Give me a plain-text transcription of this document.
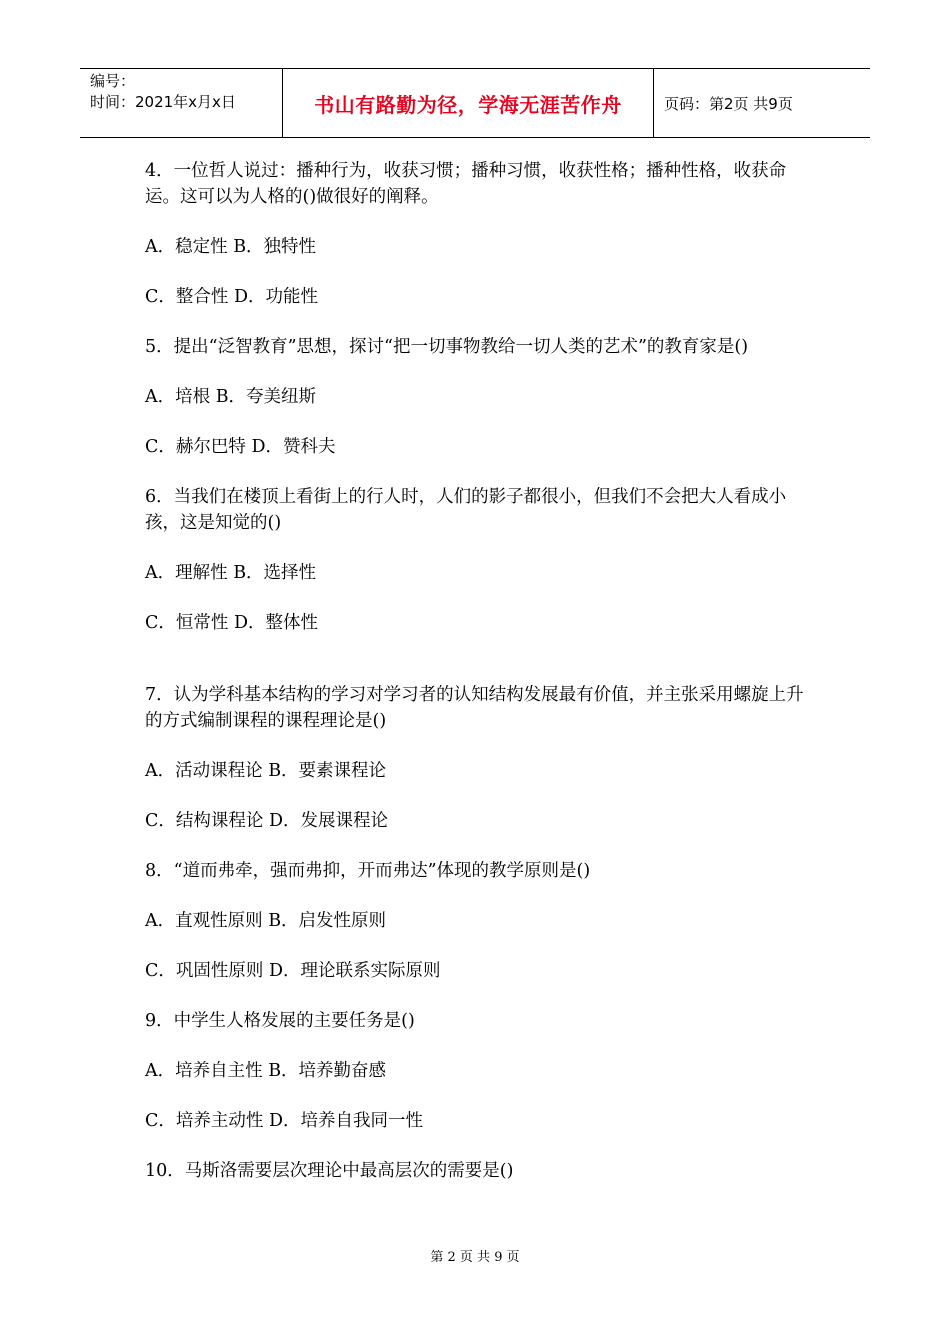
编号：
时间：2021年x月x日	书山有路勤为径，学海无涯苦作舟	页码：第2页 共9页

4．一位哲人说过：播种行为，收获习惯；播种习惯，收获性格；播种性格，收获命运。这可以为人格的()做很好的阐释。

A．稳定性 B．独特性

C．整合性 D．功能性

5．提出“泛智教育”思想，探讨“把一切事物教给一切人类的艺术”的教育家是()

A．培根 B．夸美纽斯

C．赫尔巴特 D．赞科夫

6．当我们在楼顶上看街上的行人时，人们的影子都很小，但我们不会把大人看成小孩，这是知觉的()

A．理解性 B．选择性

C．恒常性 D．整体性

7．认为学科基本结构的学习对学习者的认知结构发展最有价值，并主张采用螺旋上升的方式编制课程的课程理论是()

A．活动课程论 B．要素课程论

C．结构课程论 D．发展课程论

8．“道而弗牵，强而弗抑，开而弗达”体现的教学原则是()

A．直观性原则 B．启发性原则

C．巩固性原则 D．理论联系实际原则

9．中学生人格发展的主要任务是()

A．培养自主性 B．培养勤奋感

C．培养主动性 D．培养自我同一性

10．马斯洛需要层次理论中最高层次的需要是()

第 2 页 共 9 页
